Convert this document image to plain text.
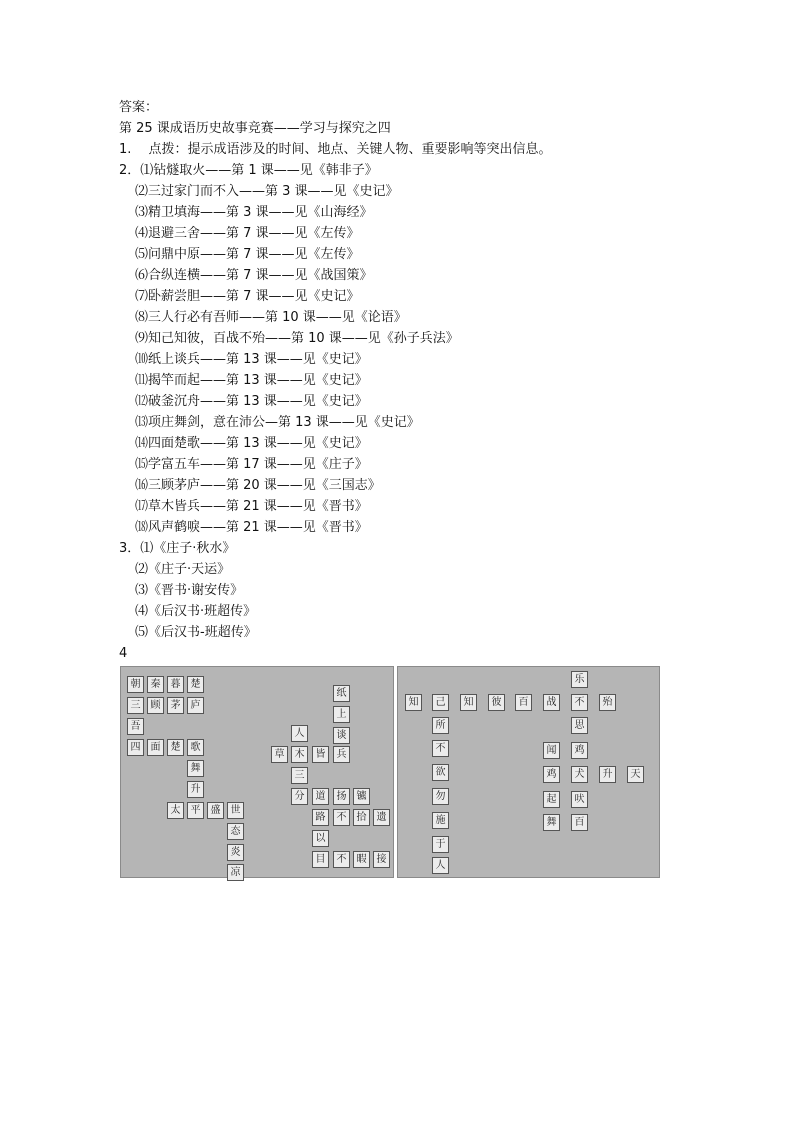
答案：
第 25 课成语历史故事竞赛——学习与探究之四
1.　 点拨：提示成语涉及的时间、地点、关键人物、重要影响等突出信息。
2．⑴钻燧取火——第 1 课——见《韩非子》
⑵三过家门而不入——第 3 课——见《史记》
⑶精卫填海——第 3 课——见《山海经》
⑷退避三舍——第 7 课——见《左传》
⑸问鼎中原——第 7 课——见《左传》
⑹合纵连横——第 7 课——见《战国策》
⑺卧薪尝胆——第 7 课——见《史记》
⑻三人行必有吾师——第 10 课——见《论语》
⑼知己知彼，百战不殆——第 10 课——见《孙子兵法》
⑽纸上谈兵——第 13 课——见《史记》
⑾揭竿而起——第 13 课——见《史记》
⑿破釜沉舟——第 13 课——见《史记》
⒀项庄舞剑，意在沛公—第 13 课——见《史记》
⒁四面楚歌——第 13 课——见《史记》
⒂学富五车——第 17 课——见《庄子》
⒃三顾茅庐——第 20 课——见《三国志》
⒄草木皆兵——第 21 课——见《晋书》
⒅风声鹤唳——第 21 课——见《晋书》
3．⑴《庄子·秋水》
⑵《庄子·天运》
⑶《晋书·谢安传》
⑷《后汉书·班超传》
⑸《后汉书-班超传》
4
朝	秦	暮	楚
三	顾	茅	庐
吾
四	面	楚	歌
舞
升
太	平	盛	世
态
炎
凉
纸
上
谈
人
草	木	皆	兵
三
分	道	扬	镳
路	不	拾	遗
以
目	不	暇	接
乐
知	己	知	彼	百	战	不	殆
所	思
不	闻	鸡
欲	鸡	犬	升	天
勿	起	吠
施	舞	百
于
人
